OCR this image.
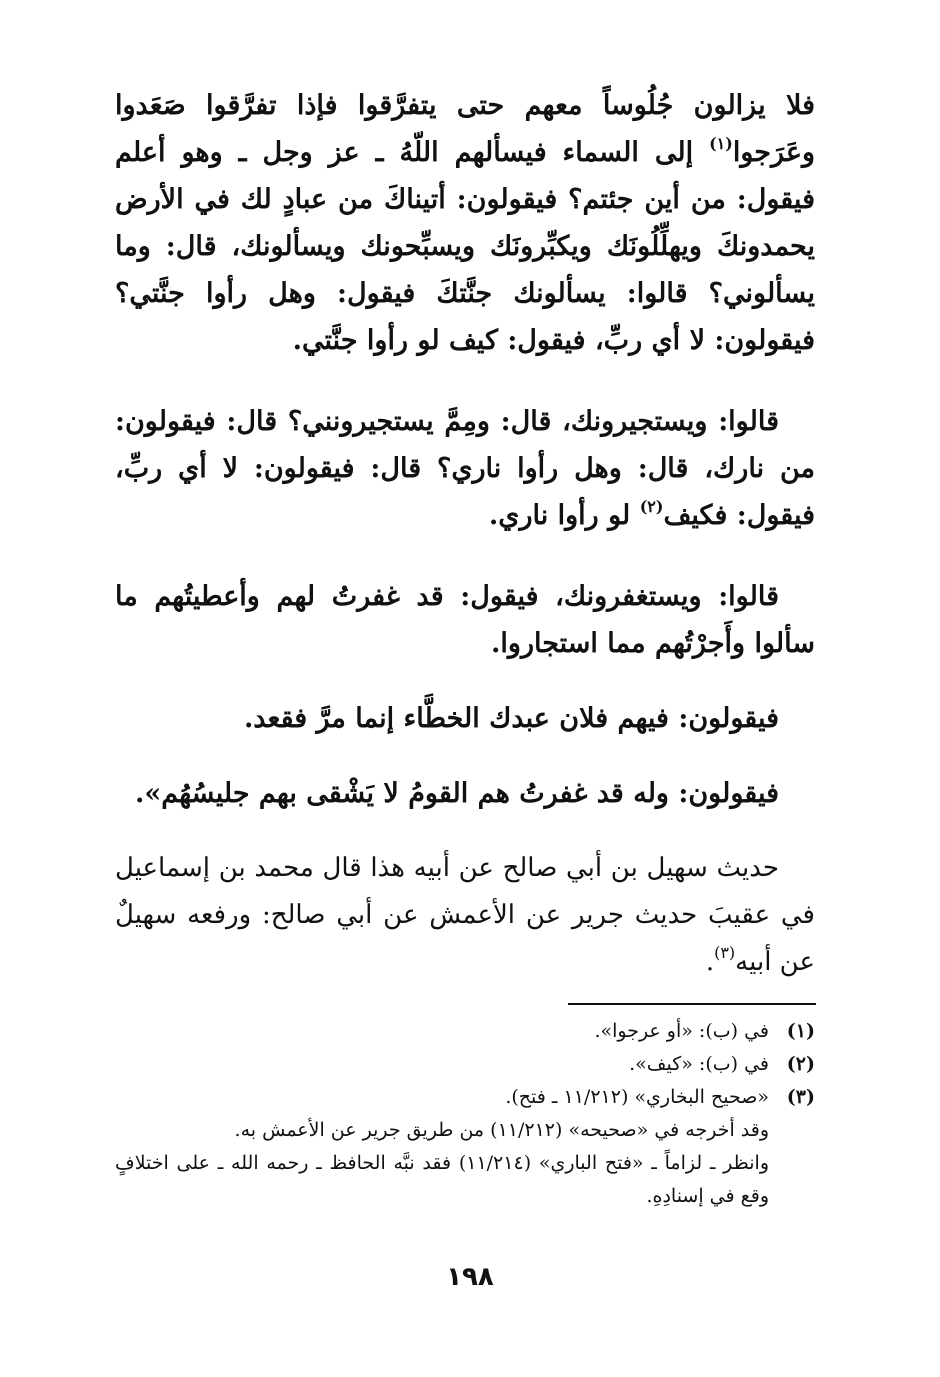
فلا يزالون جُلُوساً معهم حتى يتفرَّقوا فإذا تفرَّقوا صَعَدوا وعَرَجوا$^{(١)}$ إلى السماء فيسألهم اللّهُ ـ عز وجل ـ وهو أعلم فيقول: من أين جئتم؟ فيقولون: أتيناكَ من عبادٍ لك في الأرض يحمدونكَ ويهلِّلُونَك ويكبِّرونَك ويسبِّحونك ويسألونك، قال: وما يسألوني؟ قالوا: يسألونك جنَّتكَ فيقول: وهل رأوا جنَّتي؟ فيقولون: لا أي ربِّ، فيقول: كيف لو رأوا جنَّتي.

قالوا: ويستجيرونك، قال: ومِمَّ يستجيرونني؟ قال: فيقولون: من نارك، قال: وهل رأوا ناري؟ قال: فيقولون: لا أي ربِّ، فيقول: فكيف$^{(٢)}$ لو رأوا ناري.

قالوا: ويستغفرونك، فيقول: قد غفرتُ لهم وأعطيتُهم ما سألوا وأَجرْتُهم مما استجاروا.

فيقولون: فيهم فلان عبدك الخطَّاء إنما مرَّ فقعد.

فيقولون: وله قد غفرتُ هم القومُ لا يَشْقى بهم جليسُهُم».

حديث سهيل بن أبي صالح عن أبيه هذا قال محمد بن إسماعيل في عقيبَ حديث جرير عن الأعمش عن أبي صالح: ورفعه سهيلٌ عن أبيه$^{(٣)}$.

(١)
في (ب): «أو عرجوا».
(٢)
في (ب): «كيف».
(٣)
«صحيح البخاري» (١١/٢١٢ ـ فتح).
وقد أخرجه في «صحيحه» (١١/٢١٢) من طريق جرير عن الأعمش به.
وانظر ـ لزاماً ـ «فتح الباري» (١١/٢١٤) فقد نبَّه الحافظ ـ رحمه الله ـ على اختلافٍ وقع في إسنادِهِ.
١٩٨
